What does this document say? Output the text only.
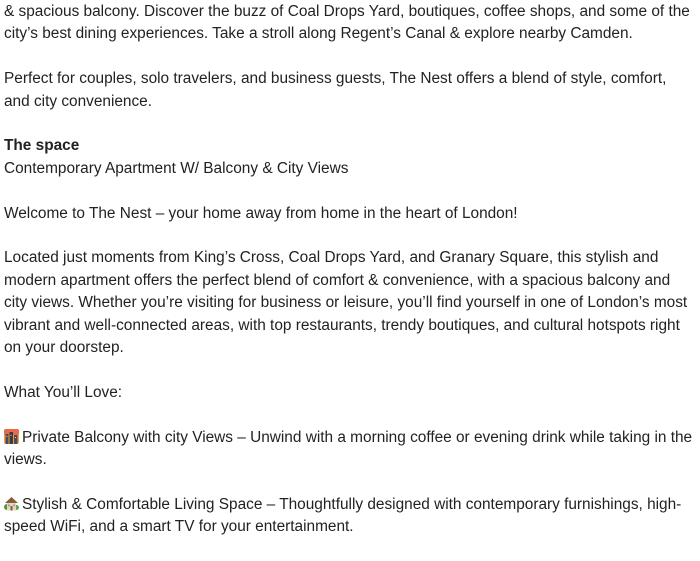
& spacious balcony. Discover the buzz of Coal Drops Yard, boutiques, coffee shops, and some of the city’s best dining experiences. Take a stroll along Regent’s Canal & explore nearby Camden.

Perfect for couples, solo travelers, and business guests, The Nest offers a blend of style, comfort, and city convenience.

The space

Contemporary Apartment W/ Balcony & City Views

Welcome to The Nest – your home away from home in the heart of London!

Located just moments from King’s Cross, Coal Drops Yard, and Granary Square, this stylish and modern apartment offers the perfect blend of comfort & convenience, with a spacious balcony and city views. Whether you’re visiting for business or leisure, you’ll find yourself in one of London’s most vibrant and well-connected areas, with top restaurants, trendy boutiques, and cultural hotspots right on your doorstep.

What You’ll Love:

Private Balcony with city Views – Unwind with a morning coffee or evening drink while taking in the views.

Stylish & Comfortable Living Space – Thoughtfully designed with contemporary furnishings, high-speed WiFi, and a smart TV for your entertainment.
